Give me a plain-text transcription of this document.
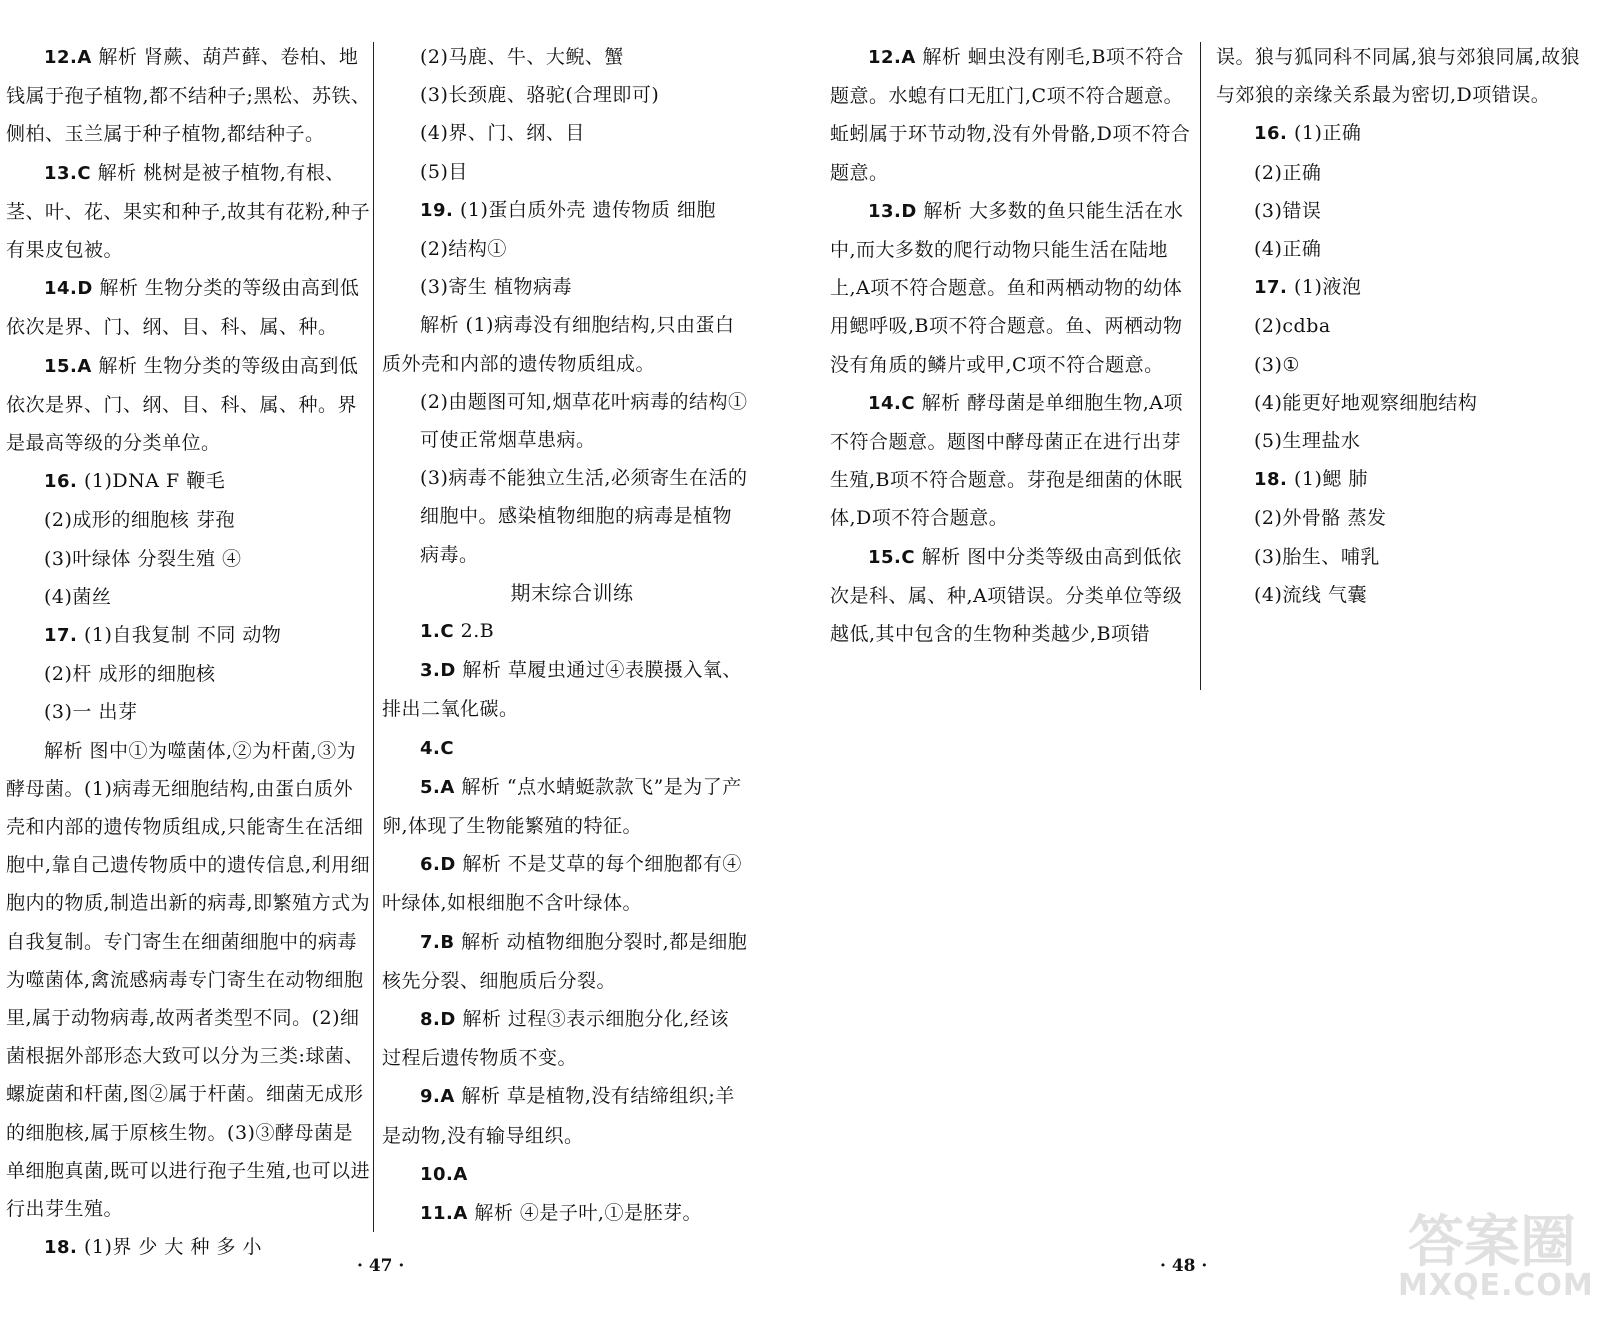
12.A 解析 肾蕨、葫芦藓、卷柏、地钱属于孢子植物,都不结种子;黑松、苏铁、侧柏、玉兰属于种子植物,都结种子。

13.C 解析 桃树是被子植物,有根、茎、叶、花、果实和种子,故其有花粉,种子有果皮包被。

14.D 解析 生物分类的等级由高到低依次是界、门、纲、目、科、属、种。

15.A 解析 生物分类的等级由高到低依次是界、门、纲、目、科、属、种。界是最高等级的分类单位。

16. (1)DNA F 鞭毛

(2)成形的细胞核 芽孢

(3)叶绿体 分裂生殖 ④

(4)菌丝

17. (1)自我复制 不同 动物

(2)杆 成形的细胞核

(3)一 出芽

解析 图中①为噬菌体,②为杆菌,③为酵母菌。(1)病毒无细胞结构,由蛋白质外壳和内部的遗传物质组成,只能寄生在活细胞中,靠自己遗传物质中的遗传信息,利用细胞内的物质,制造出新的病毒,即繁殖方式为自我复制。专门寄生在细菌细胞中的病毒为噬菌体,禽流感病毒专门寄生在动物细胞里,属于动物病毒,故两者类型不同。(2)细菌根据外部形态大致可以分为三类:球菌、螺旋菌和杆菌,图②属于杆菌。细菌无成形的细胞核,属于原核生物。(3)③酵母菌是单细胞真菌,既可以进行孢子生殖,也可以进行出芽生殖。

18. (1)界 少 大 种 多 小

(2)马鹿、牛、大鲵、蟹

(3)长颈鹿、骆驼(合理即可)

(4)界、门、纲、目

(5)目

19. (1)蛋白质外壳 遗传物质 细胞

(2)结构①

(3)寄生 植物病毒

解析 (1)病毒没有细胞结构,只由蛋白质外壳和内部的遗传物质组成。

(2)由题图可知,烟草花叶病毒的结构①可使正常烟草患病。

(3)病毒不能独立生活,必须寄生在活的细胞中。感染植物细胞的病毒是植物病毒。

期末综合训练

1.C 2.B

3.D 解析 草履虫通过④表膜摄入氧、排出二氧化碳。

4.C

5.A 解析 “点水蜻蜓款款飞”是为了产卵,体现了生物能繁殖的特征。

6.D 解析 不是艾草的每个细胞都有④叶绿体,如根细胞不含叶绿体。

7.B 解析 动植物细胞分裂时,都是细胞核先分裂、细胞质后分裂。

8.D 解析 过程③表示细胞分化,经该过程后遗传物质不变。

9.A 解析 草是植物,没有结缔组织;羊是动物,没有输导组织。

10.A

11.A 解析 ④是子叶,①是胚芽。

12.A 解析 蛔虫没有刚毛,B项不符合题意。水螅有口无肛门,C项不符合题意。蚯蚓属于环节动物,没有外骨骼,D项不符合题意。

13.D 解析 大多数的鱼只能生活在水中,而大多数的爬行动物只能生活在陆地上,A项不符合题意。鱼和两栖动物的幼体用鳃呼吸,B项不符合题意。鱼、两栖动物没有角质的鳞片或甲,C项不符合题意。

14.C 解析 酵母菌是单细胞生物,A项不符合题意。题图中酵母菌正在进行出芽生殖,B项不符合题意。芽孢是细菌的休眠体,D项不符合题意。

15.C 解析 图中分类等级由高到低依次是科、属、种,A项错误。分类单位等级越低,其中包含的生物种类越少,B项错

误。狼与狐同科不同属,狼与郊狼同属,故狼与郊狼的亲缘关系最为密切,D项错误。

16. (1)正确

(2)正确

(3)错误

(4)正确

17. (1)液泡

(2)cdba

(3)①

(4)能更好地观察细胞结构

(5)生理盐水

18. (1)鳃 肺

(2)外骨骼 蒸发

(3)胎生、哺乳

(4)流线 气囊

· 47 ·	· 48 ·	答案圈
MXQE.COM
